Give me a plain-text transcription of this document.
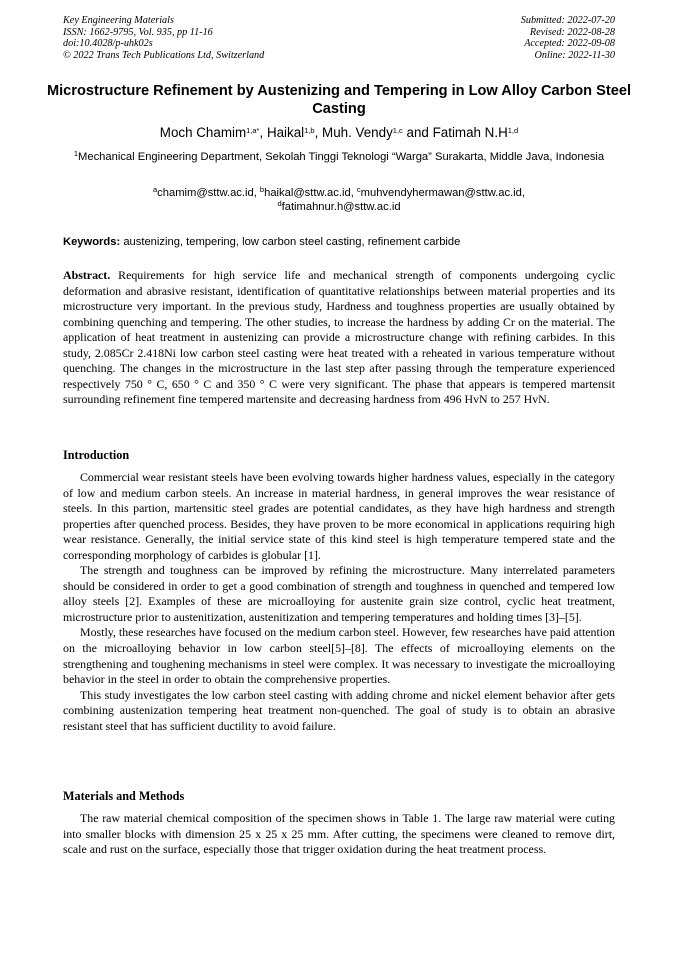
Key Engineering Materials
ISSN: 1662-9795, Vol. 935, pp 11-16
doi:10.4028/p-uhk02s
© 2022 Trans Tech Publications Ltd, Switzerland
Submitted: 2022-07-20
Revised: 2022-08-28
Accepted: 2022-09-08
Online: 2022-11-30
Microstructure Refinement by Austenizing and Tempering in Low Alloy Carbon Steel Casting
Moch Chamim$^{1,a*}$, Haikal$^{1,b}$, Muh. Vendy$^{1,c}$ and Fatimah $N.H^{1,d}$
$^1$Mechanical Engineering Department, Sekolah Tinggi Teknologi “Warga” Surakarta, Middle Java, Indonesia
$^a$chamim@sttw.ac.id, $^b$haikal@sttw.ac.id, $^c$muhvendyhermawan@sttw.ac.id,
$^d$fatimahnur.h@sttw.ac.id
Keywords: austenizing, tempering, low carbon steel casting, refinement carbide
Abstract. Requirements for high service life and mechanical strength of components undergoing cyclic deformation and abrasive resistant, identification of quantitative relationships between material properties and its microstructure very important. In the previous study, Hardness and toughness properties are usually obtained by combining quenching and tempering. The other studies, to increase the hardness by adding Cr on the material. The application of heat treatment in austenizing can provide a microstructure change with refining carbides. In this study, 2.085Cr 2.418Ni low carbon steel casting were heat treated with a reheated in various temperature without quenching. The changes in the microstructure in the last step after passing through the temperature experienced respectively 750 ° C, 650 ° C and 350 ° C were very significant. The phase that appears is tempered martensit surrounding refinement fine tempered martensite and decreasing hardness from 496 HvN to 257 HvN.
Introduction

Commercial wear resistant steels have been evolving towards higher hardness values, especially in the category of low and medium carbon steels. An increase in material hardness, in general improves the wear resistance of steels. In this partion, martensitic steel grades are potential candidates, as they have high hardness and strength properties after quenched process. Besides, they have proven to be more economical in applications requiring high wear resistance. Generally, the initial service state of this kind steel is high temperature tempered state and the corresponding morphology of carbides is globular [1].

The strength and toughness can be improved by refining the microstructure. Many interrelated parameters should be considered in order to get a good combination of strength and toughness in quenched and tempered low alloy steels [2]. Examples of these are microalloying for austenite grain size control, cyclic heat treatment, microstructure prior to austenitization, austenitization and tempering temperatures and holding times [3]–[5].

Mostly, these researches have focused on the medium carbon steel. However, few researches have paid attention on the microalloying behavior in low carbon steel[5]–[8]. The effects of microalloying elements on the strengthening and toughening mechanisms in steel were complex. It was necessary to investigate the microalloying behavior in the steel in order to obtain the comprehensive properties.

This study investigates the low carbon steel casting with adding chrome and nickel element behavior after gets combining austenization tempering heat treatment non-quenched. The goal of study is to obtain an abrasive resistant steel that has sufficient ductility to avoid failure.

Materials and Methods

The raw material chemical composition of the specimen shows in Table 1. The large raw material were cuting into smaller blocks with dimension 25 x 25 x 25 mm. After cutting, the specimens were cleaned to remove dirt, scale and rust on the surface, especially those that trigger oxidation during the heat treatment process.
